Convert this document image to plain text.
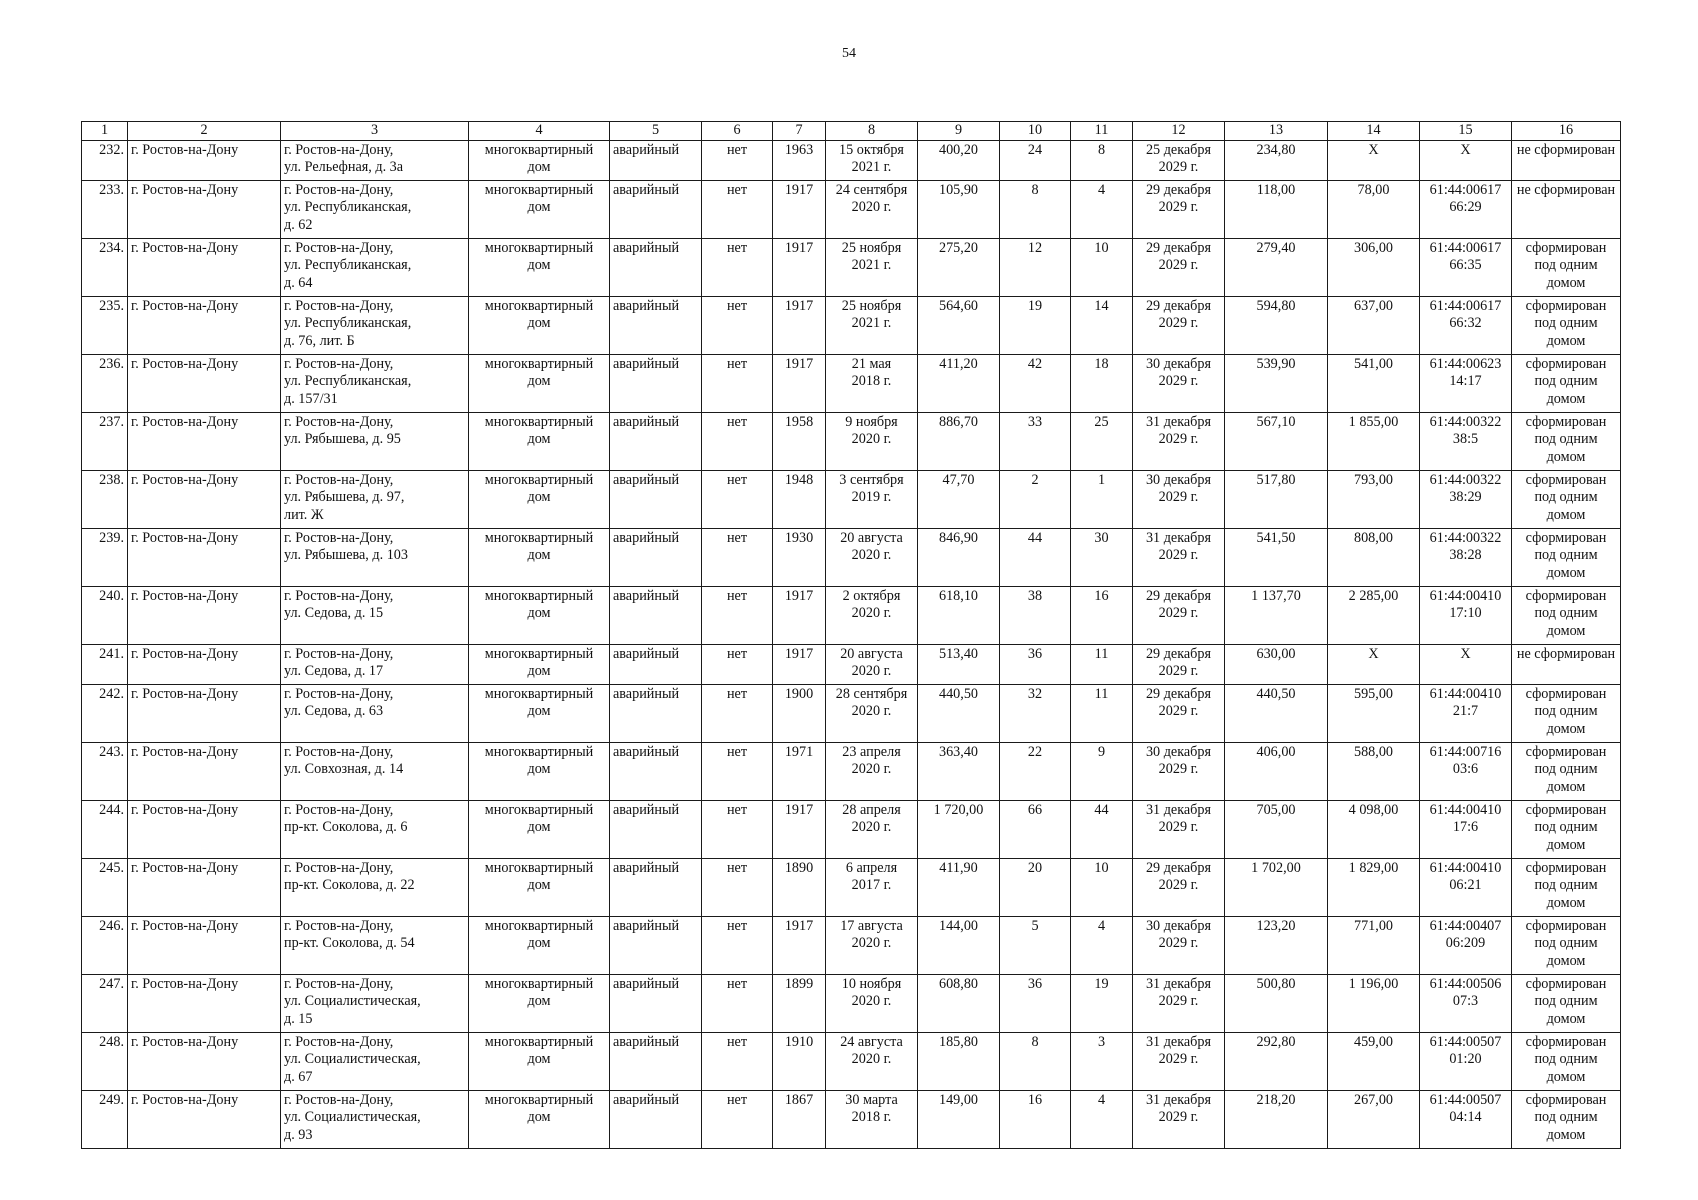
54
1	2	3	4	5	6	7	8	9	10	11	12	13	14	15	16
232.	г. Ростов-на-Дону	г. Ростов-на-Дону,
ул. Рельефная, д. 3а	многоквартирный
дом	аварийный	нет	1963	15 октября
2021 г.	400,20	24	8	25 декабря
2029 г.	234,80	X	X	не сформирован
233.	г. Ростов-на-Дону	г. Ростов-на-Дону,
ул. Республиканская,
д. 62	многоквартирный
дом	аварийный	нет	1917	24 сентября
2020 г.	105,90	8	4	29 декабря
2029 г.	118,00	78,00	61:44:00617
66:29	не сформирован
234.	г. Ростов-на-Дону	г. Ростов-на-Дону,
ул. Республиканская,
д. 64	многоквартирный
дом	аварийный	нет	1917	25 ноября
2021 г.	275,20	12	10	29 декабря
2029 г.	279,40	306,00	61:44:00617
66:35	сформирован
под одним
домом
235.	г. Ростов-на-Дону	г. Ростов-на-Дону,
ул. Республиканская,
д. 76, лит. Б	многоквартирный
дом	аварийный	нет	1917	25 ноября
2021 г.	564,60	19	14	29 декабря
2029 г.	594,80	637,00	61:44:00617
66:32	сформирован
под одним
домом
236.	г. Ростов-на-Дону	г. Ростов-на-Дону,
ул. Республиканская,
д. 157/31	многоквартирный
дом	аварийный	нет	1917	21 мая
2018 г.	411,20	42	18	30 декабря
2029 г.	539,90	541,00	61:44:00623
14:17	сформирован
под одним
домом
237.	г. Ростов-на-Дону	г. Ростов-на-Дону,
ул. Рябышева, д. 95	многоквартирный
дом	аварийный	нет	1958	9 ноября
2020 г.	886,70	33	25	31 декабря
2029 г.	567,10	1 855,00	61:44:00322
38:5	сформирован
под одним
домом
238.	г. Ростов-на-Дону	г. Ростов-на-Дону,
ул. Рябышева, д. 97,
лит. Ж	многоквартирный
дом	аварийный	нет	1948	3 сентября
2019 г.	47,70	2	1	30 декабря
2029 г.	517,80	793,00	61:44:00322
38:29	сформирован
под одним
домом
239.	г. Ростов-на-Дону	г. Ростов-на-Дону,
ул. Рябышева, д. 103	многоквартирный
дом	аварийный	нет	1930	20 августа
2020 г.	846,90	44	30	31 декабря
2029 г.	541,50	808,00	61:44:00322
38:28	сформирован
под одним
домом
240.	г. Ростов-на-Дону	г. Ростов-на-Дону,
ул. Седова, д. 15	многоквартирный
дом	аварийный	нет	1917	2 октября
2020 г.	618,10	38	16	29 декабря
2029 г.	1 137,70	2 285,00	61:44:00410
17:10	сформирован
под одним
домом
241.	г. Ростов-на-Дону	г. Ростов-на-Дону,
ул. Седова, д. 17	многоквартирный
дом	аварийный	нет	1917	20 августа
2020 г.	513,40	36	11	29 декабря
2029 г.	630,00	X	X	не сформирован
242.	г. Ростов-на-Дону	г. Ростов-на-Дону,
ул. Седова, д. 63	многоквартирный
дом	аварийный	нет	1900	28 сентября
2020 г.	440,50	32	11	29 декабря
2029 г.	440,50	595,00	61:44:00410
21:7	сформирован
под одним
домом
243.	г. Ростов-на-Дону	г. Ростов-на-Дону,
ул. Совхозная, д. 14	многоквартирный
дом	аварийный	нет	1971	23 апреля
2020 г.	363,40	22	9	30 декабря
2029 г.	406,00	588,00	61:44:00716
03:6	сформирован
под одним
домом
244.	г. Ростов-на-Дону	г. Ростов-на-Дону,
пр-кт. Соколова, д. 6	многоквартирный
дом	аварийный	нет	1917	28 апреля
2020 г.	1 720,00	66	44	31 декабря
2029 г.	705,00	4 098,00	61:44:00410
17:6	сформирован
под одним
домом
245.	г. Ростов-на-Дону	г. Ростов-на-Дону,
пр-кт. Соколова, д. 22	многоквартирный
дом	аварийный	нет	1890	6 апреля
2017 г.	411,90	20	10	29 декабря
2029 г.	1 702,00	1 829,00	61:44:00410
06:21	сформирован
под одним
домом
246.	г. Ростов-на-Дону	г. Ростов-на-Дону,
пр-кт. Соколова, д. 54	многоквартирный
дом	аварийный	нет	1917	17 августа
2020 г.	144,00	5	4	30 декабря
2029 г.	123,20	771,00	61:44:00407
06:209	сформирован
под одним
домом
247.	г. Ростов-на-Дону	г. Ростов-на-Дону,
ул. Социалистическая,
д. 15	многоквартирный
дом	аварийный	нет	1899	10 ноября
2020 г.	608,80	36	19	31 декабря
2029 г.	500,80	1 196,00	61:44:00506
07:3	сформирован
под одним
домом
248.	г. Ростов-на-Дону	г. Ростов-на-Дону,
ул. Социалистическая,
д. 67	многоквартирный
дом	аварийный	нет	1910	24 августа
2020 г.	185,80	8	3	31 декабря
2029 г.	292,80	459,00	61:44:00507
01:20	сформирован
под одним
домом
249.	г. Ростов-на-Дону	г. Ростов-на-Дону,
ул. Социалистическая,
д. 93	многоквартирный
дом	аварийный	нет	1867	30 марта
2018 г.	149,00	16	4	31 декабря
2029 г.	218,20	267,00	61:44:00507
04:14	сформирован
под одним
домом
